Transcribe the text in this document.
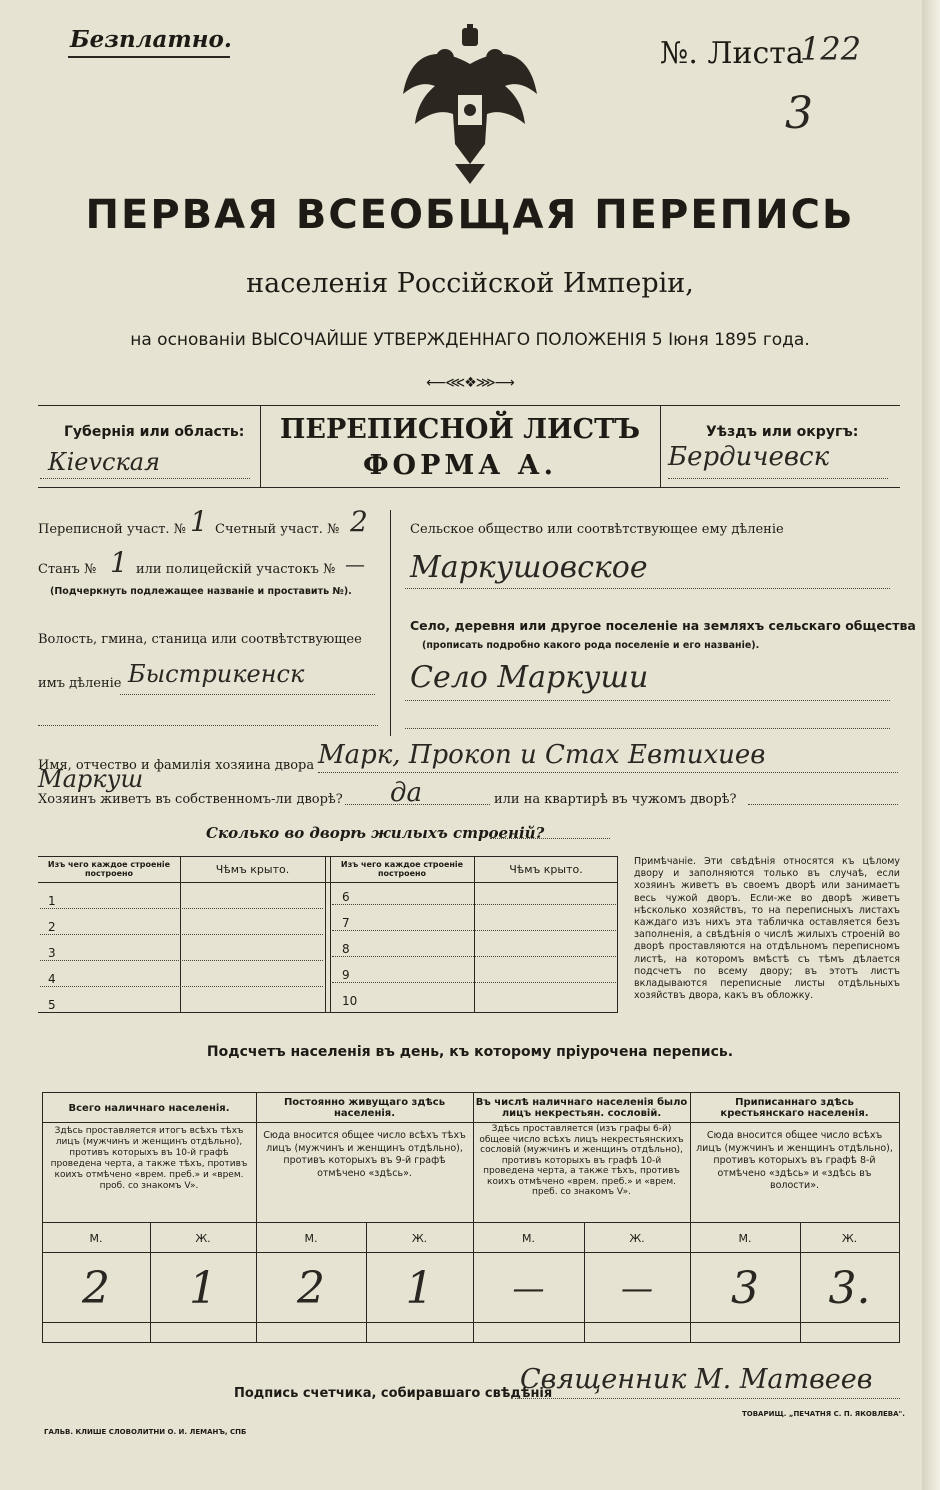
Безплатно.	№. Листа
122
3
ПЕРВАЯ ВСЕОБЩАЯ ПЕРЕПИСЬ
населенія Россійской Имперіи,
на основаніи ВЫСОЧАЙШЕ УТВЕРЖДЕННАГО ПОЛОЖЕНІЯ 5 Іюня 1895 года.
⟵⋘❖⋙⟶
Губернія или область:
Кievская
ПЕРЕПИСНОЙ ЛИСТЪ
ФОРМА А.
Уѣздъ или округъ:
Бердичевск
Переписной участ. № 1 Счетный участ. № 2
Станъ № 1 или полицейскій участокъ № —
(Подчеркнуть подлежащее названіе и проставить №).
Волость, гмина, станица или соотвѣтствующее
имъ дѣленіе Быстрикенск
Сельское общество или соотвѣтствующее ему дѣленіе
Маркушовское
Село, деревня или другое поселеніе на земляхъ сельскаго общества
(прописать подробно какого рода поселеніе и его названіе).
Село Маркуши
Имя, отчество и фамилія хозяина двора Марк, Прокоп и Стах Евтихиев
Маркуш
Хозяинъ живетъ въ собственномъ-ли дворѣ? да	или на квартирѣ въ чужомъ дворѣ?
Сколько во дворѣ жилыхъ строеній?
Изъ чего каждое строеніе построено	Чѣмъ крыто.	Изъ чего каждое строеніе построено	Чѣмъ крыто.
1
2
3
4
5
6
7
8
9
10
Примѣчаніе. Эти свѣдѣнія относятся къ цѣлому двору и заполняются только въ случаѣ, если хозяинъ живетъ въ своемъ дворѣ или занимаетъ весь чужой дворъ. Если-же во дворѣ живетъ нѣсколько хозяйствъ, то на переписныхъ листахъ каждаго изъ нихъ эта табличка оставляется безъ заполненія, а свѣдѣнія о числѣ жилыхъ строеній во дворѣ проставляются на отдѣльномъ переписномъ листѣ, на которомъ вмѣстѣ съ тѣмъ дѣлается подсчетъ по всему двору; въ этотъ листъ вкладываются переписные листы отдѣльныхъ хозяйствъ двора, какъ въ обложку.
Подсчетъ населенія въ день, къ которому пріурочена перепись.
Всего наличнаго населенія.	Постоянно живущаго здѣсь населенія.
Въ числѣ наличнаго населенія было лицъ некрестьян. сословій.
Приписаннаго здѣсь крестьянскаго населенія.
Здѣсь проставляется итогъ всѣхъ тѣхъ лицъ (мужчинъ и женщинъ отдѣльно), противъ которыхъ въ 10-й графѣ проведена черта, а также тѣхъ, противъ коихъ отмѣчено «врем. преб.» и «врем. проб. со знакомъ V».
Сюда вносится общее число всѣхъ тѣхъ лицъ (мужчинъ и женщинъ отдѣльно), противъ которыхъ въ 9-й графѣ отмѣчено «здѣсь».
Здѣсь проставляется (изъ графы 6-й) общее число всѣхъ лицъ некрестьянскихъ сословій (мужчинъ и женщинъ отдѣльно), противъ которыхъ въ графѣ 10-й проведена черта, а также тѣхъ, противъ коихъ отмѣчено «врем. преб.» и «врем. преб. со знакомъ V».
Сюда вносится общее число всѣхъ лицъ (мужчинъ и женщинъ отдѣльно), противъ которыхъ въ графѣ 8-й отмѣчено «здѣсь» и «здѣсь въ волости».
М.	Ж.	М.	Ж.	М.	Ж.	М.	Ж.
2	1	2	1	—	—	3	3.
Подпись счетчика, собиравшаго свѣдѣнія
Священник М. Матвеев
ГАЛЬВ. КЛИШЕ СЛОВОЛИТНИ О. И. ЛЕМАНЪ, СПБ
ТОВАРИЩ. „ПЕЧАТНЯ С. П. ЯКОВЛЕВА".
